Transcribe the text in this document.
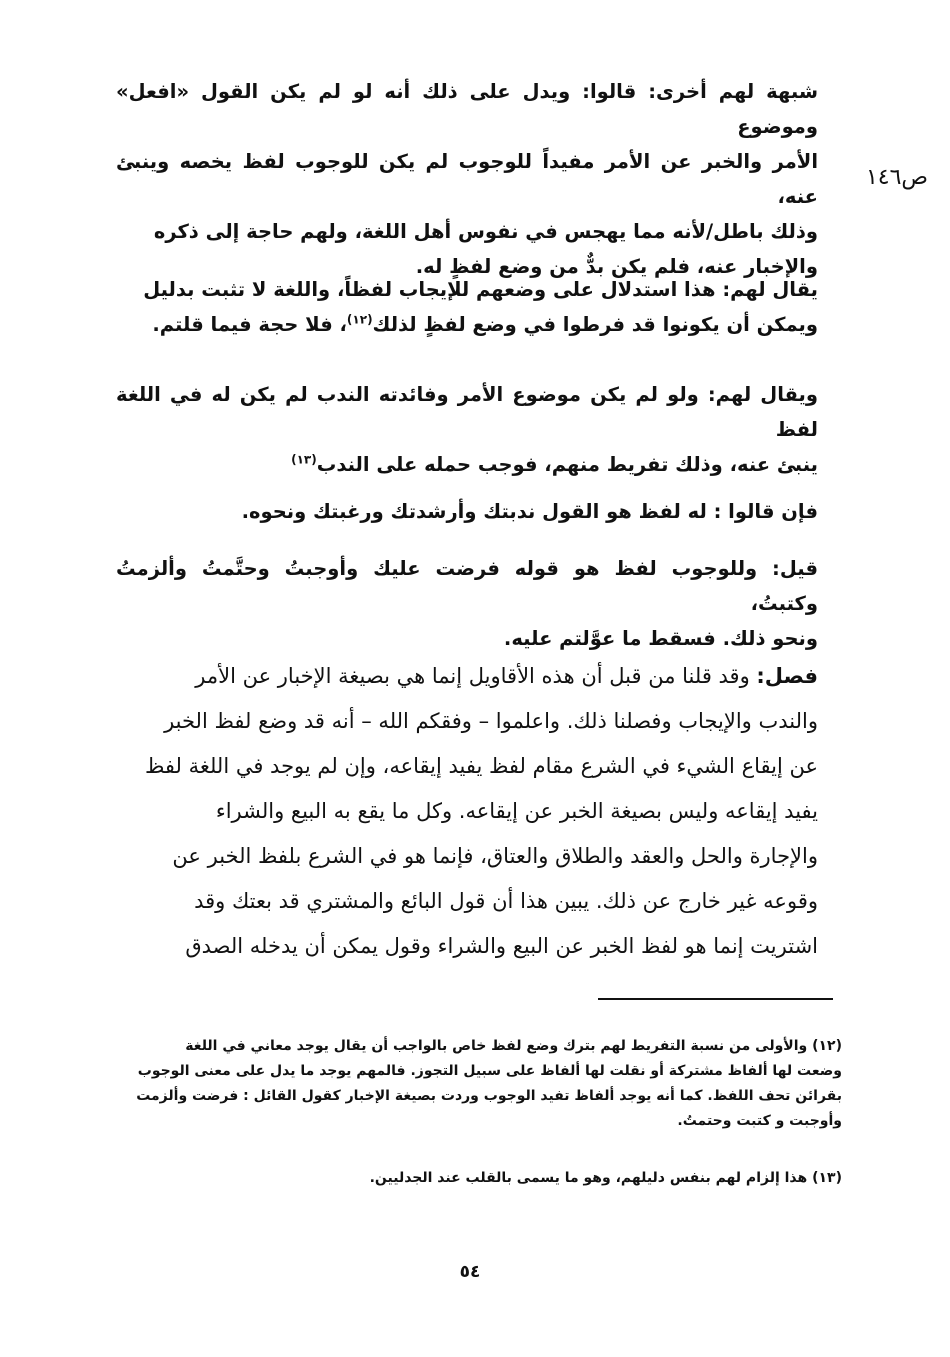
ص١٤٦

شبهة لهم أخرى: قالوا: ويدل على ذلك أنه لو لم يكن القول «افعل» وموضوع
الأمر والخبر عن الأمر مفيداً للوجوب لم يكن للوجوب لفظ يخصه وينبئ عنه،
وذلك باطل/لأنه مما يهجس في نفوس أهل اللغة، ولهم حاجة إلى ذكره
والإخبار عنه، فلم يكن بدٌّ من وضع لفظٍ له.

يقال لهم: هذا استدلال على وضعهم للإيجاب لفظاً، واللغة لا تثبت بدليل
ويمكن أن يكونوا قد فرطوا في وضع لفظٍ لذلك$^{(١٢)}$، فلا حجة فيما قلتم.

ويقال لهم: ولو لم يكن موضوع الأمر وفائدته الندب لم يكن له في اللغة لفظ
ينبئ عنه، وذلك تفريط منهم، فوجب حمله على الندب$^{(١٣)}$

فإن قالوا : له لفظ هو القول ندبتك وأرشدتك ورغبتك ونحوه.

قيل: وللوجوب لفظ هو قوله فرضت عليك وأوجبتُ وحتَّمتُ وألزمتُ وكتبتُ،
ونحو ذلك. فسقط ما عوَّلتم عليه.

فصل: وقد قلنا من قبل أن هذه الأقاويل إنما هي بصيغة الإخبار عن الأمر
والندب والإيجاب وفصلنا ذلك. واعلموا – وفقكم الله – أنه قد وضع لفظ الخبر
عن إيقاع الشيء في الشرع مقام لفظ يفيد إيقاعه، وإن لم يوجد في اللغة لفظ
يفيد إيقاعه وليس بصيغة الخبر عن إيقاعه. وكل ما يقع به البيع والشراء
والإجارة والحل والعقد والطلاق والعتاق، فإنما هو في الشرع بلفظ الخبر عن
وقوعه غير خارج عن ذلك. يبين هذا أن قول البائع والمشتري قد بعتك وقد
اشتريت إنما هو لفظ الخبر عن البيع والشراء وقول يمكن أن يدخله الصدق

(١٢) والأولى من نسبة التفريط لهم بترك وضع لفظ خاص بالواجب أن يقال يوجد معاني في اللغة
وضعت لها ألفاظ مشتركة أو نقلت لها ألفاظ على سبيل التجوز. فالمهم يوجد ما يدل على معنى الوجوب
بقرائن تحف اللفظ. كما أنه يوجد ألفاظ تفيد الوجوب وردت بصيغة الإخبار كقول القائل : فرضت وألزمت
وأوجبت و كتبت وحتمتُ.

(١٣) هذا إلزام لهم بنفس دليلهم، وهو ما يسمى بالقلب عند الجدليين.

٥٤
